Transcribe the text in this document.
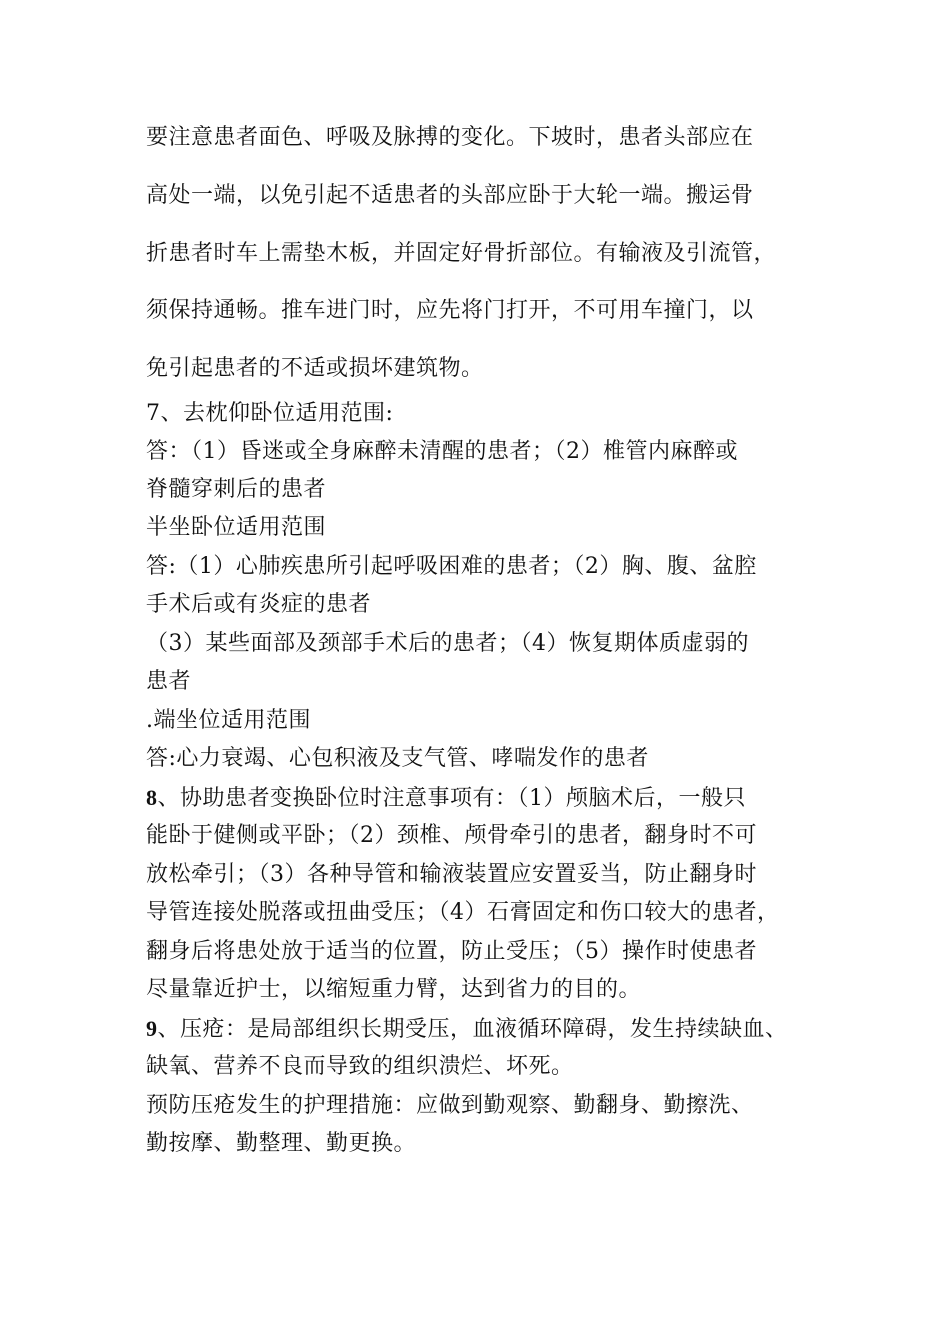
要注意患者面色、呼吸及脉搏的变化。下坡时，患者头部应在
高处一端，以免引起不适患者的头部应卧于大轮一端。搬运骨
折患者时车上需垫木板，并固定好骨折部位。有输液及引流管，
须保持通畅。推车进门时，应先将门打开，不可用车撞门，以
免引起患者的不适或损坏建筑物。
7、去枕仰卧位适用范围:
答：（1）昏迷或全身麻醉未清醒的患者；（2）椎管内麻醉或
脊髓穿刺后的患者
半坐卧位适用范围
答:（1）心肺疾患所引起呼吸困难的患者；（2）胸、腹、盆腔
手术后或有炎症的患者
（3）某些面部及颈部手术后的患者；（4）恢复期体质虚弱的
患者
.端坐位适用范围
答:心力衰竭、心包积液及支气管、哮喘发作的患者
8、协助患者变换卧位时注意事项有：（1）颅脑术后，一般只
能卧于健侧或平卧；（2）颈椎、颅骨牵引的患者，翻身时不可
放松牵引；（3）各种导管和输液装置应安置妥当，防止翻身时
导管连接处脱落或扭曲受压；（4）石膏固定和伤口较大的患者，
翻身后将患处放于适当的位置，防止受压；（5）操作时使患者
尽量靠近护士，以缩短重力臂，达到省力的目的。
9、压疮：是局部组织长期受压，血液循环障碍，发生持续缺血、
缺氧、营养不良而导致的组织溃烂、坏死。
预防压疮发生的护理措施：应做到勤观察、勤翻身、勤擦洗、
勤按摩、勤整理、勤更换。
